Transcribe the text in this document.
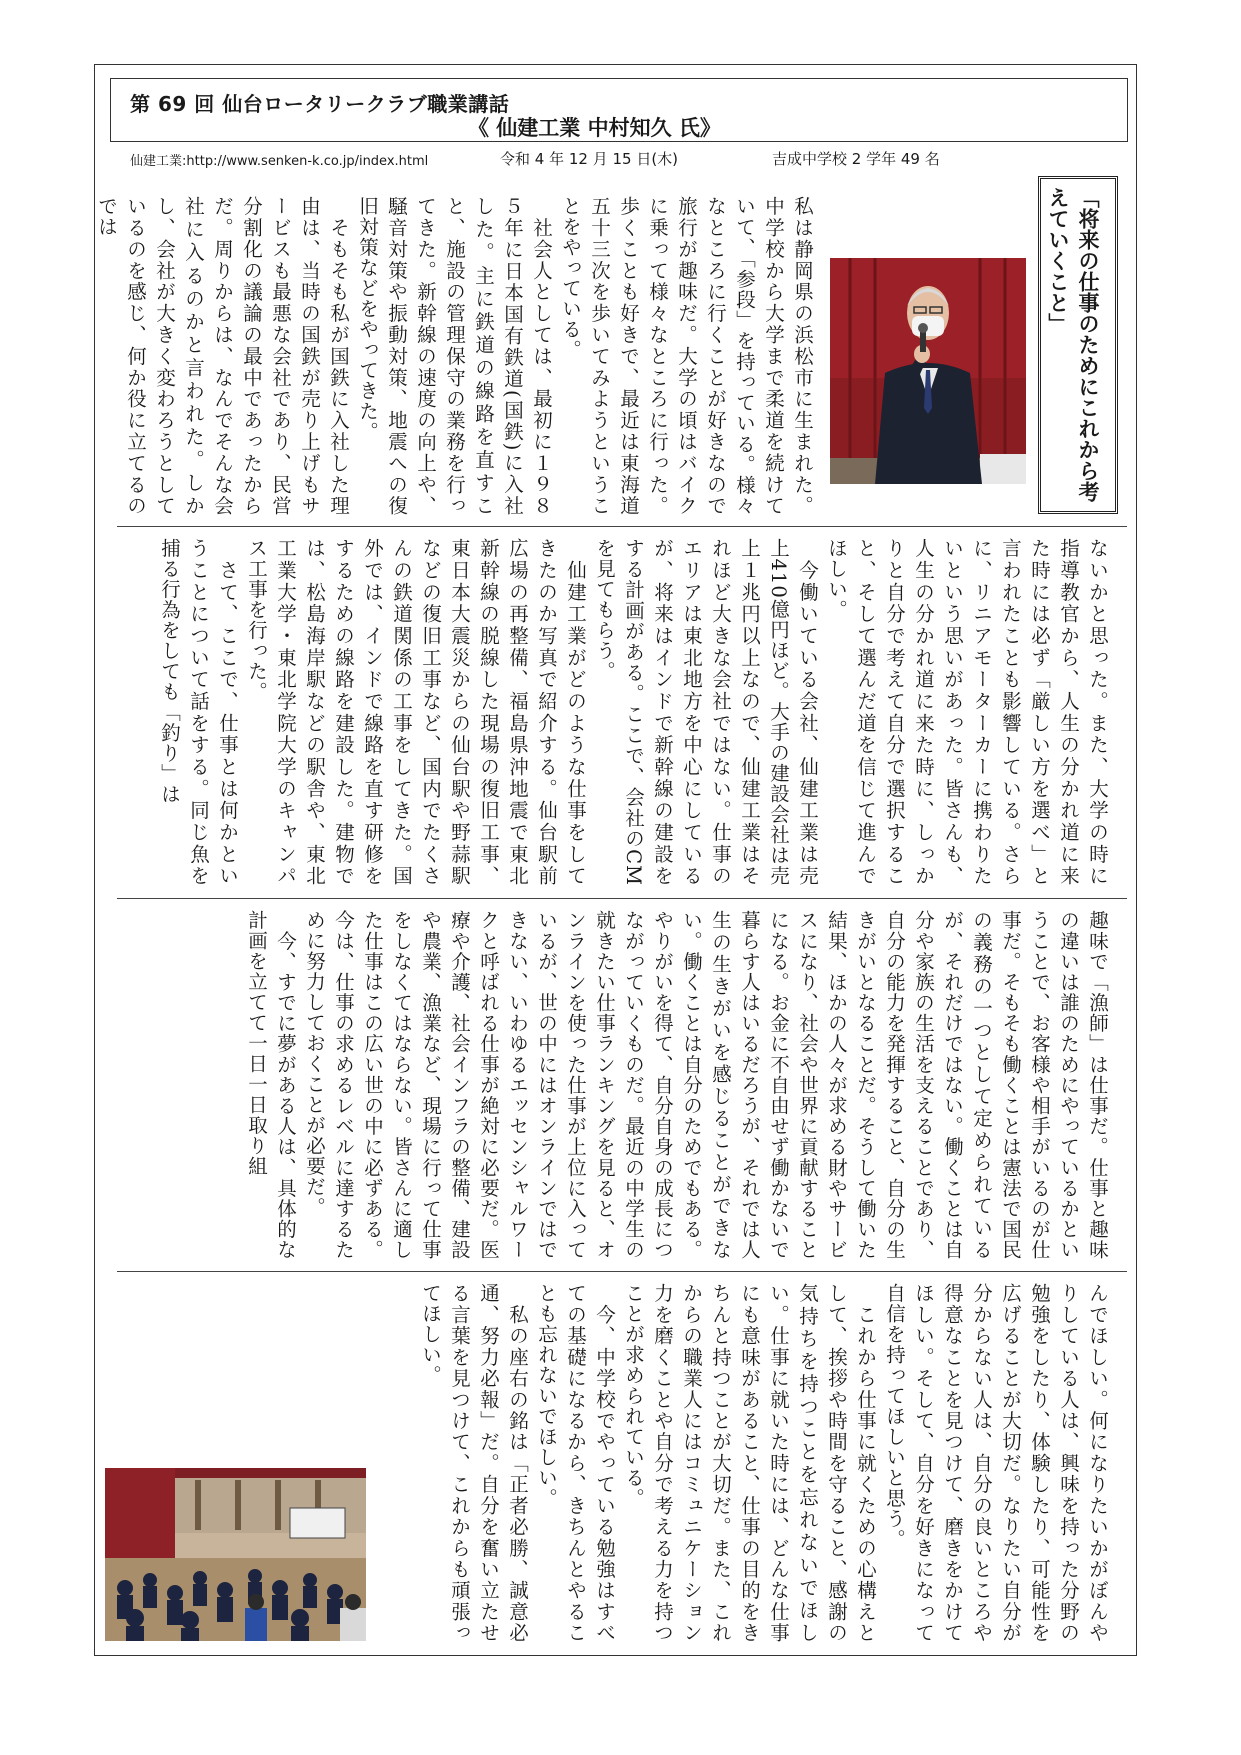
第 69 回 仙台ロータリークラブ職業講話
《 仙建工業 中村知久 氏》
仙建工業:http://www.senken-k.co.jp/index.html	令和 4 年 12 月 15 日(木)	吉成中学校 2 学年 49 名
私は静岡県の浜松市に生まれた。中学校から大学まで柔道を続けていて、「参段」を持っている。様々なところに行くことが好きなので旅行が趣味だ。大学の頃はバイクに乗って様々なところに行った。歩くことも好きで、最近は東海道五十三次を歩いてみようということをやっている。
　社会人としては、最初に１９８５年に日本国有鉄道(国鉄)に入社した。主に鉄道の線路を直すこと、施設の管理保守の業務を行ってきた。新幹線の速度の向上や、騒音対策や振動対策、地震への復旧対策などをやってきた。
　そもそも私が国鉄に入社した理由は、当時の国鉄が売り上げもサービスも最悪な会社であり、民営分割化の議論の最中であったからだ。周りからは、なんでそんな会社に入るのかと言われた。しかし、会社が大きく変わろうとしているのを感じ、何か役に立てるのでは	「将来の仕事のためにこれから考えていくこと」
ないかと思った。また、大学の時に指導教官から、人生の分かれ道に来た時には必ず「厳しい方を選べ」と言われたことも影響している。さらに、リニアモーターカーに携わりたいという思いがあった。皆さんも、人生の分かれ道に来た時に、しっかりと自分で考えて自分で選択すること、そして選んだ道を信じて進んでほしい。
　今働いている会社、仙建工業は売上410億円ほど。大手の建設会社は売上１兆円以上なので、仙建工業はそれほど大きな会社ではない。仕事のエリアは東北地方を中心にしているが、将来はインドで新幹線の建設をする計画がある。ここで、会社のCMを見てもらう。
　仙建工業がどのような仕事をしてきたのか写真で紹介する。仙台駅前広場の再整備、福島県沖地震で東北新幹線の脱線した現場の復旧工事、東日本大震災からの仙台駅や野蒜駅などの復旧工事など、国内でたくさんの鉄道関係の工事をしてきた。国外では、インドで線路を直す研修をするための線路を建設した。建物では、松島海岸駅などの駅舎や、東北工業大学・東北学院大学のキャンパス工事を行った。
　さて、ここで、仕事とは何かということについて話をする。同じ魚を捕る行為をしても「釣り」は
趣味で「漁師」は仕事だ。仕事と趣味の違いは誰のためにやっているかということで、お客様や相手がいるのが仕事だ。そもそも働くことは憲法で国民の義務の一つとして定められているが、それだけではない。働くことは自分や家族の生活を支えることであり、自分の能力を発揮すること、自分の生きがいとなることだ。そうして働いた結果、ほかの人々が求める財やサービスになり、社会や世界に貢献することになる。お金に不自由せず働かないで暮らす人はいるだろうが、それでは人生の生きがいを感じることができない。働くことは自分のためでもある。やりがいを得て、自分自身の成長につながっていくものだ。最近の中学生の就きたい仕事ランキングを見ると、オンラインを使った仕事が上位に入っているが、世の中にはオンラインではできない、いわゆるエッセンシャルワークと呼ばれる仕事が絶対に必要だ。医療や介護、社会インフラの整備、建設や農業、漁業など、現場に行って仕事をしなくてはならない。皆さんに適した仕事はこの広い世の中に必ずある。今は、仕事の求めるレベルに達するために努力しておくことが必要だ。
　今、すでに夢がある人は、具体的な計画を立てて一日一日取り組
んでほしい。何になりたいかがぼんやりしている人は、興味を持った分野の勉強をしたり、体験したり、可能性を広げることが大切だ。なりたい自分が分からない人は、自分の良いところや得意なことを見つけて、磨きをかけてほしい。そして、自分を好きになって自信を持ってほしいと思う。
　これから仕事に就くための心構えとして、挨拶や時間を守ること、感謝の気持ちを持つことを忘れないでほしい。仕事に就いた時には、どんな仕事にも意味があること、仕事の目的をきちんと持つことが大切だ。また、これからの職業人にはコミュニケーション力を磨くことや自分で考える力を持つことが求められている。
　今、中学校でやっている勉強はすべての基礎になるから、きちんとやることも忘れないでほしい。
　私の座右の銘は「正者必勝、誠意必通、努力必報」だ。自分を奮い立たせる言葉を見つけて、これからも頑張ってほしい。
